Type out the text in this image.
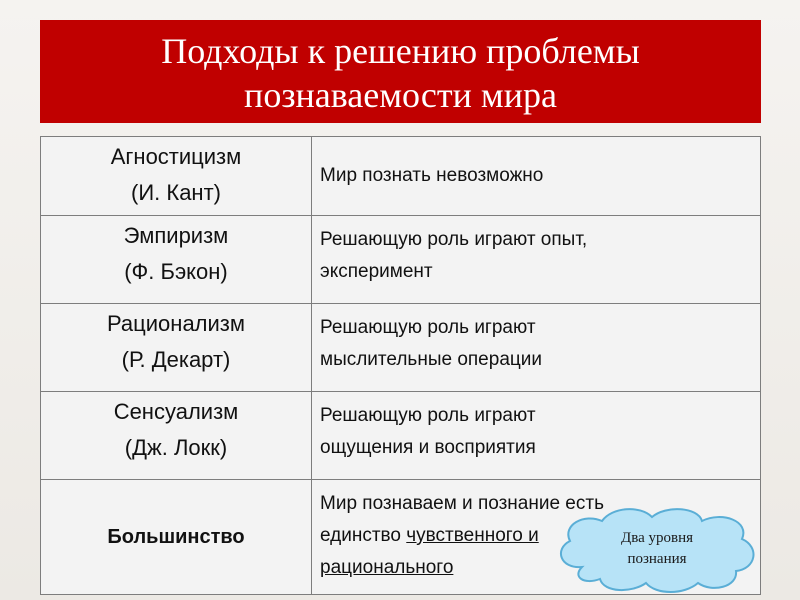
Подходы к решению проблемы
познаваемости мира
Агностицизм
(И. Кант)	Мир познать невозможно

Эмпиризм
(Ф. Бэкон)	Решающую роль играют опыт,
эксперимент

Рационализм
(Р. Декарт)	Решающую роль играют
мыслительные операции

Сенсуализм
(Дж. Локк)	Решающую роль играют
ощущения и восприятия
Большинство	Мир познаваем и познание есть
единство чувственного и
рационального
Два уровня
познания
